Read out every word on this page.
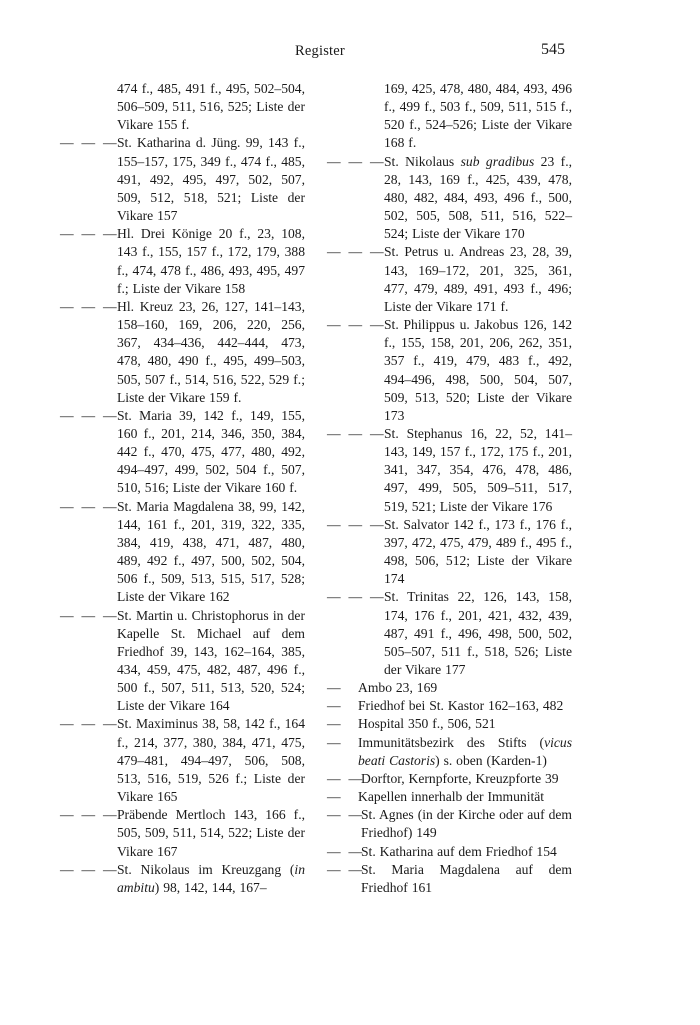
Register	545
474 f., 485, 491 f., 495, 502–504, 506–509, 511, 516, 525; Liste der Vikare 155 f.
— — —
St. Katharina d. Jüng. 99, 143 f., 155–157, 175, 349 f., 474 f., 485, 491, 492, 495, 497, 502, 507, 509, 512, 518, 521; Liste der Vikare 157
— — —
Hl. Drei Könige 20 f., 23, 108, 143 f., 155, 157 f., 172, 179, 388 f., 474, 478 f., 486, 493, 495, 497 f.; Liste der Vikare 158
— — —
Hl. Kreuz 23, 26, 127, 141–143, 158–160, 169, 206, 220, 256, 367, 434–436, 442–444, 473, 478, 480, 490 f., 495, 499–503, 505, 507 f., 514, 516, 522, 529 f.; Liste der Vikare 159 f.
— — —
St. Maria 39, 142 f., 149, 155, 160 f., 201, 214, 346, 350, 384, 442 f., 470, 475, 477, 480, 492, 494–497, 499, 502, 504 f., 507, 510, 516; Liste der Vikare 160 f.
— — —
St. Maria Magdalena 38, 99, 142, 144, 161 f., 201, 319, 322, 335, 384, 419, 438, 471, 487, 480, 489, 492 f., 497, 500, 502, 504, 506 f., 509, 513, 515, 517, 528; Liste der Vikare 162
— — —
St. Martin u. Christophorus in der Kapelle St. Michael auf dem Friedhof 39, 143, 162–164, 385, 434, 459, 475, 482, 487, 496 f., 500 f., 507, 511, 513, 520, 524; Liste der Vikare 164
— — —
St. Maximinus 38, 58, 142 f., 164 f., 214, 377, 380, 384, 471, 475, 479–481, 494–497, 506, 508, 513, 516, 519, 526 f.; Liste der Vikare 165
— — —
Präbende Mertloch 143, 166 f., 505, 509, 511, 514, 522; Liste der Vikare 167
— — —
St. Nikolaus im Kreuzgang (in ambitu) 98, 142, 144, 167–
169, 425, 478, 480, 484, 493, 496 f., 499 f., 503 f., 509, 511, 515 f., 520 f., 524–526; Liste der Vikare 168 f.
— — —
St. Nikolaus sub gradibus 23 f., 28, 143, 169 f., 425, 439, 478, 480, 482, 484, 493, 496 f., 500, 502, 505, 508, 511, 516, 522–524; Liste der Vikare 170
— — —
St. Petrus u. Andreas 23, 28, 39, 143, 169–172, 201, 325, 361, 477, 479, 489, 491, 493 f., 496; Liste der Vikare 171 f.
— — —
St. Philippus u. Jakobus 126, 142 f., 155, 158, 201, 206, 262, 351, 357 f., 419, 479, 483 f., 492, 494–496, 498, 500, 504, 507, 509, 513, 520; Liste der Vikare 173
— — —
St. Stephanus 16, 22, 52, 141–143, 149, 157 f., 172, 175 f., 201, 341, 347, 354, 476, 478, 486, 497, 499, 505, 509–511, 517, 519, 521; Liste der Vikare 176
— — —
St. Salvator 142 f., 173 f., 176 f., 397, 472, 475, 479, 489 f., 495 f., 498, 506, 512; Liste der Vikare 174
— — —
St. Trinitas 22, 126, 143, 158, 174, 176 f., 201, 421, 432, 439, 487, 491 f., 496, 498, 500, 502, 505–507, 511 f., 518, 526; Liste der Vikare 177
— Ambo 23, 169
— Friedhof bei St. Kastor 162–163, 482
— Hospital 350 f., 506, 521
— Immunitätsbezirk des Stifts (vicus beati Castoris) s. oben (Karden-1)
— —
Dorftor, Kernpforte, Kreuzpforte 39
— Kapellen innerhalb der Immunität
— —
St. Agnes (in der Kirche oder auf dem Friedhof) 149
— —
St. Katharina auf dem Friedhof 154
— —
St. Maria Magdalena auf dem Friedhof 161
